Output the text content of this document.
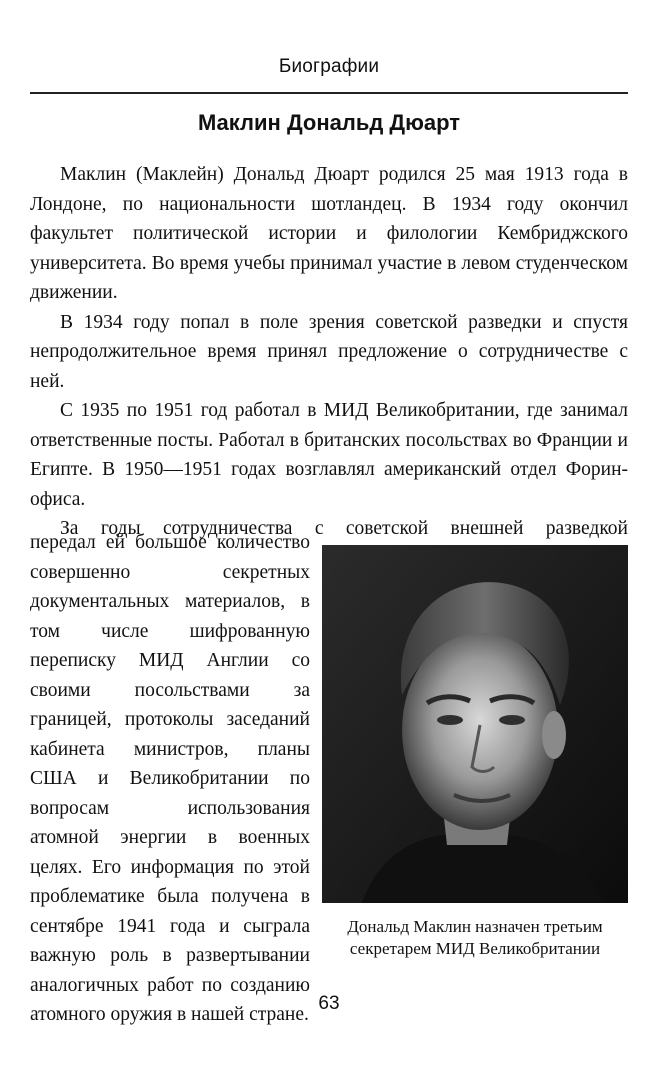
Биографии
Маклин Дональд Дюарт

Маклин (Маклейн) Дональд Дюарт родился 25 мая 1913 года в Лондоне, по национальности шотландец. В 1934 году окончил факультет политической истории и филологии Кембриджского университета. Во время учебы принимал участие в левом студенческом движении.

В 1934 году попал в поле зрения советской разведки и спустя непродолжительное время принял предложение о сотрудничестве с ней.

С 1935 по 1951 год работал в МИД Великобритании, где занимал ответственные посты. Работал в британских посольствах во Франции и Египте. В 1950—1951 годах возглавлял американский отдел Форин-офиса.

За годы сотрудничества с советской внешней разведкой

передал ей большое количество совершенно секретных документальных материалов, в том числе шифрованную переписку МИД Англии со своими посольствами за границей, протоколы заседаний кабинета министров, планы США и Великобритании по вопросам использования атомной энергии в военных целях. Его информация по этой проблематике была получена в сентябре 1941 года и сыграла важную роль в развертывании аналогичных работ по созданию атомного оружия в нашей стране.

Дональд Маклин назначен третьим секретарем МИД Великобритании
63
